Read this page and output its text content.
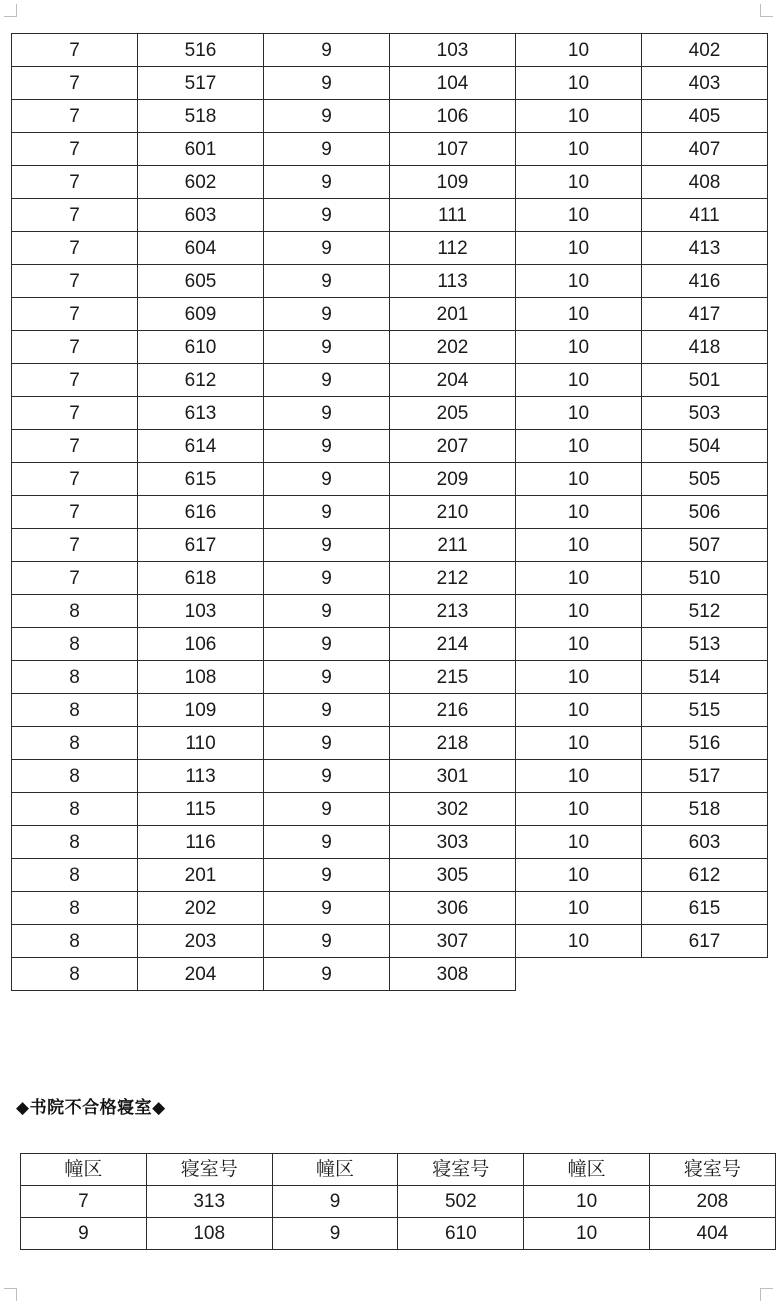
7	516	9	103	10	402
7	517	9	104	10	403
7	518	9	106	10	405
7	601	9	107	10	407
7	602	9	109	10	408
7	603	9	111	10	411
7	604	9	112	10	413
7	605	9	113	10	416
7	609	9	201	10	417
7	610	9	202	10	418
7	612	9	204	10	501
7	613	9	205	10	503
7	614	9	207	10	504
7	615	9	209	10	505
7	616	9	210	10	506
7	617	9	211	10	507
7	618	9	212	10	510
8	103	9	213	10	512
8	106	9	214	10	513
8	108	9	215	10	514
8	109	9	216	10	515
8	110	9	218	10	516
8	113	9	301	10	517
8	115	9	302	10	518
8	116	9	303	10	603
8	201	9	305	10	612
8	202	9	306	10	615
8	203	9	307	10	617
8	204	9	308		
◆书院不合格寝室◆
幢区	寝室号	幢区	寝室号	幢区	寝室号
7	313	9	502	10	208
9	108	9	610	10	404
